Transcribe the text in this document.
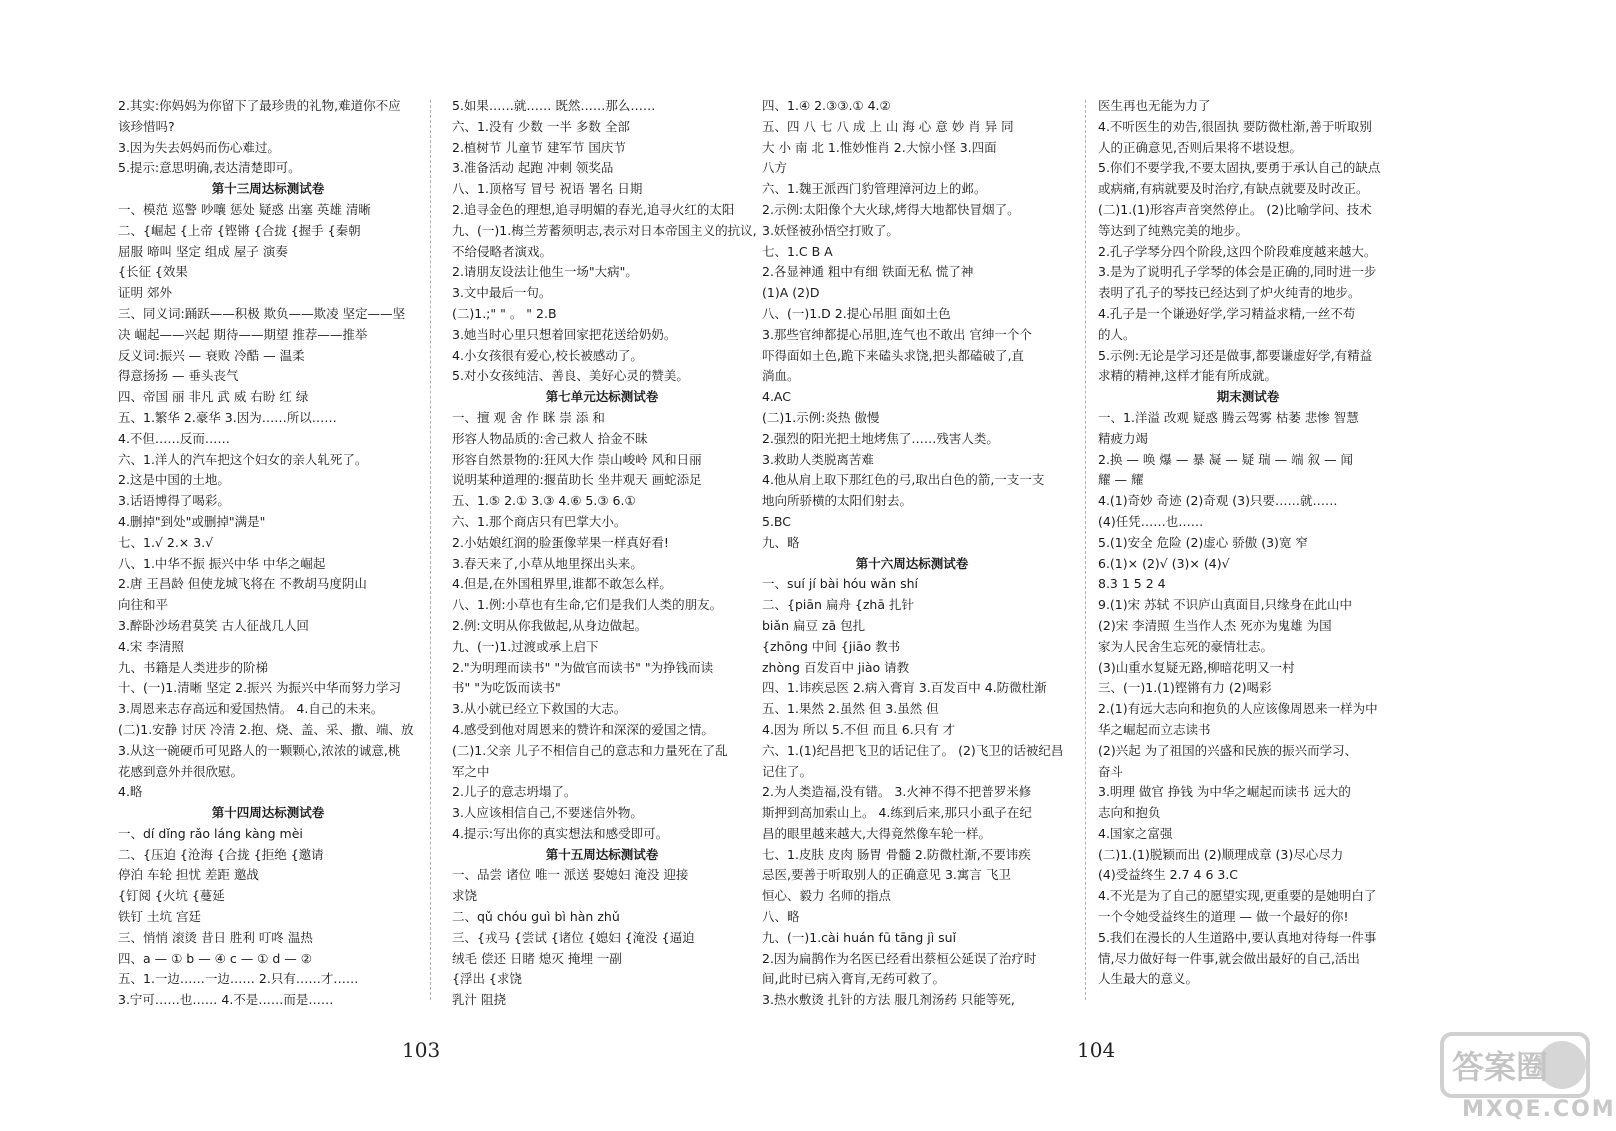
2.其实:你妈妈为你留下了最珍贵的礼物,难道你不应
该珍惜吗?
3.因为失去妈妈而伤心难过。
5.提示:意思明确,表达清楚即可。
第十三周达标测试卷
一、模范 巡警 吵嚷 惩处 疑惑 出塞 英雄 清晰
二、{崛起 {上帝 {铿锵 {合拢 {握手 {秦朝
屈服 啼叫 坚定 组成 屋子 演奏
{长征 {效果
证明 郊外
三、同义词:踊跃——积极 欺负——欺凌 坚定——坚
决 崛起——兴起 期待——期望 推荐——推举
反义词:振兴 — 衰败 冷酷 — 温柔
得意扬扬 — 垂头丧气
四、帝国 丽 非凡 武 威 右盼 红 绿
五、1.繁华 2.豪华 3.因为……所以……
4.不但……反而……
六、1.洋人的汽车把这个妇女的亲人轧死了。
2.这是中国的土地。
3.话语博得了喝彩。
4.删掉"到处"或删掉"满是"
七、1.√ 2.× 3.√
八、1.中华不振 振兴中华 中华之崛起
2.唐 王昌龄 但使龙城飞将在 不教胡马度阴山
向往和平
3.醉卧沙场君莫笑 古人征战几人回
4.宋 李清照
九、书籍是人类进步的阶梯
十、(一)1.清晰 坚定 2.振兴 为振兴中华而努力学习
3.周恩来志存高远和爱国热情。 4.自己的未来。
(二)1.安静 讨厌 冷清 2.抱、烧、盖、采、撒、端、放
3.从这一碗硬币可见路人的一颗颗心,浓浓的诚意,桃
花感到意外并很欣慰。
4.略
第十四周达标测试卷
一、dí dǐng rǎo láng kàng mèi
二、{压迫 {沧海 {合拢 {拒绝 {邀请
停泊 车轮 担忧 差距 邀战
{钉阅 {火坑 {蔓延
铁钉 土坑 宫廷
三、悄悄 滚烫 昔日 胜利 叮咚 温热
四、a — ① b — ④ c — ① d — ②
五、1.一边……一边…… 2.只有……才……
3.宁可……也…… 4.不是……而是……
5.如果……就…… 既然……那么……
六、1.没有 少数 一半 多数 全部
2.植树节 儿童节 建军节 国庆节
3.准备活动 起跑 冲刺 领奖品
八、1.顶格写 冒号 祝语 署名 日期
2.追寻金色的理想,追寻明媚的春光,追寻火红的太阳
九、(一)1.梅兰芳蓄须明志,表示对日本帝国主义的抗议,
不给侵略者演戏。
2.请朋友设法让他生一场"大病"。
3.文中最后一句。
(二)1.;" " 。 " 2.B
3.她当时心里只想着回家把花送给奶奶。
4.小女孩很有爱心,校长被感动了。
5.对小女孩纯洁、善良、美好心灵的赞美。
第七单元达标测试卷
一、擅 观 舍 作 眯 崇 添 和
形容人物品质的:舍己救人 拾金不昧
形容自然景物的:狂风大作 崇山峻岭 风和日丽
说明某种道理的:揠苗助长 坐井观天 画蛇添足
五、1.⑤ 2.① 3.③ 4.⑥ 5.③ 6.①
六、1.那个商店只有巴掌大小。
2.小姑娘红润的脸蛋像苹果一样真好看!
3.春天来了,小草从地里探出头来。
4.但是,在外国租界里,谁都不敢怎么样。
八、1.例:小草也有生命,它们是我们人类的朋友。
2.例:文明从你我做起,从身边做起。
九、(一)1.过渡或承上启下
2."为明理而读书" "为做官而读书" "为挣钱而读
书" "为吃饭而读书"
3.从小就已经立下救国的大志。
4.感受到他对周恩来的赞许和深深的爱国之情。
(二)1.父亲 儿子不相信自己的意志和力量死在了乱
军之中
2.儿子的意志坍塌了。
3.人应该相信自己,不要迷信外物。
4.提示:写出你的真实想法和感受即可。
第十五周达标测试卷
一、品尝 诸位 唯一 派送 娶媳妇 淹没 迎接
求饶
二、qǔ chóu guì bì hàn zhǔ
三、{戎马 {尝试 {诸位 {媳妇 {淹没 {逼迫
绒毛 偿还 日睹 熄灭 掩埋 一副
{浮出 {求饶
乳汁 阻挠
四、1.④ 2.③③.① 4.②
五、四 八 七 八 成 上 山 海 心 意 妙 肖 异 同
大 小 南 北 1.惟妙惟肖 2.大惊小怪 3.四面
八方
六、1.魏王派西门豹管理漳河边上的邺。
2.示例:太阳像个大火球,烤得大地都快冒烟了。
3.妖怪被孙悟空打败了。
七、1.C B A
2.各显神通 粗中有细 铁面无私 慌了神
(1)A (2)D
八、(一)1.D 2.提心吊胆 面如土色
3.那些官绅都提心吊胆,连气也不敢出 官绅一个个
吓得面如土色,跪下来磕头求饶,把头都磕破了,直
淌血。
4.AC
(二)1.示例:炎热 傲慢
2.强烈的阳光把土地烤焦了……残害人类。
3.救助人类脱离苦难
4.他从肩上取下那红色的弓,取出白色的箭,一支一支
地向所骄横的太阳们射去。
5.BC
九、略
第十六周达标测试卷
一、suí jí bài hóu wǎn shí
二、{piān 扁舟 {zhā 扎针
biǎn 扁豆 zā 包扎
{zhōng 中间 {jiāo 教书
zhòng 百发百中 jiào 请教
四、1.讳疾忌医 2.病入膏肓 3.百发百中 4.防微杜渐
五、1.果然 2.虽然 但 3.虽然 但
4.因为 所以 5.不但 而且 6.只有 才
六、1.(1)纪昌把飞卫的话记住了。 (2)飞卫的话被纪昌
记住了。
2.为人类造福,没有错。 3.火神不得不把普罗米修
斯押到高加索山上。 4.练到后来,那只小虱子在纪
昌的眼里越来越大,大得竟然像车轮一样。
七、1.皮肤 皮肉 肠胃 骨髓 2.防微杜渐,不要讳疾
忌医,要善于听取别人的正确意见 3.寓言 飞卫
恒心、毅力 名师的指点
八、略
九、(一)1.cài huán fū tāng jì suǐ
2.因为扁鹊作为名医已经看出蔡桓公延误了治疗时
间,此时已病入膏肓,无药可救了。
3.热水敷烫 扎针的方法 服几剂汤药 只能等死,
医生再也无能为力了
4.不听医生的劝告,很固执 要防微杜渐,善于听取别
人的正确意见,否则后果将不堪设想。
5.你们不要学我,不要太固执,要勇于承认自己的缺点
或病痛,有病就要及时治疗,有缺点就要及时改正。
(二)1.(1)形容声音突然停止。 (2)比喻学问、技术
等达到了纯熟完美的地步。
2.孔子学琴分四个阶段,这四个阶段难度越来越大。
3.是为了说明孔子学琴的体会是正确的,同时进一步
表明了孔子的琴技已经达到了炉火纯青的地步。
4.孔子是一个谦逊好学,学习精益求精,一丝不苟
的人。
5.示例:无论是学习还是做事,都要谦虚好学,有精益
求精的精神,这样才能有所成就。
期末测试卷
一、1.洋溢 改观 疑惑 腾云驾雾 枯萎 悲惨 智慧
精疲力竭
2.换 — 唤 爆 — 暴 凝 — 疑 瑞 — 端 叙 — 闻
耀 — 耀
4.(1)奇妙 奇迹 (2)奇观 (3)只要……就……
(4)任凭……也……
5.(1)安全 危险 (2)虚心 骄傲 (3)宽 窄
6.(1)× (2)√ (3)× (4)√
8.3 1 5 2 4
9.(1)宋 苏轼 不识庐山真面目,只缘身在此山中
(2)宋 李清照 生当作人杰 死亦为鬼雄 为国
家为人民舍生忘死的豪情壮志。
(3)山重水复疑无路,柳暗花明又一村
三、(一)1.(1)铿锵有力 (2)喝彩
2.(1)有远大志向和抱负的人应该像周恩来一样为中
华之崛起而立志读书
(2)兴起 为了祖国的兴盛和民族的振兴而学习、
奋斗
3.明理 做官 挣钱 为中华之崛起而读书 远大的
志向和抱负
4.国家之富强
(二)1.(1)脱颖而出 (2)顺理成章 (3)尽心尽力
(4)受益终生 2.7 4 6 3.C
4.不光是为了自己的愿望实现,更重要的是她明白了
一个令她受益终生的道理 — 做一个最好的你!
5.我们在漫长的人生道路中,要认真地对待每一件事
情,尽力做好每一件事,就会做出最好的自己,活出
人生最大的意义。
103	104	答案圈
MXQE.COM
